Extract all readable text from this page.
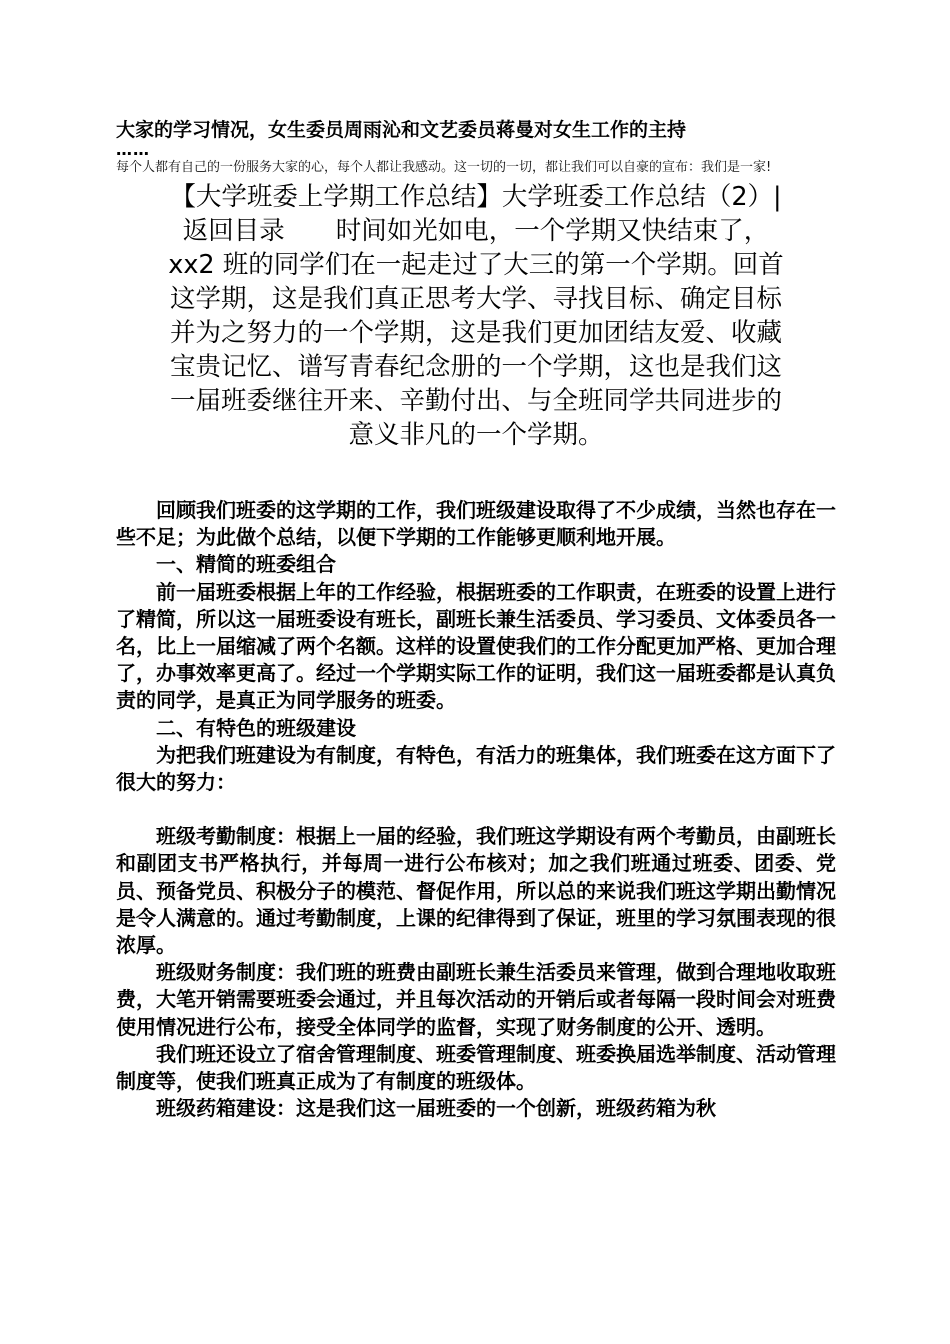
大家的学习情况，女生委员周雨沁和文艺委员蒋曼对女生工作的主持

……

每个人都有自己的一份服务大家的心，每个人都让我感动。这一切的一切，都让我们可以自豪的宣布：我们是一家!

【大学班委上学期工作总结】大学班委工作总结（2）|
返回目录　　时间如光如电，一个学期又快结束了，
xx2 班的同学们在一起走过了大三的第一个学期。回首
这学期，这是我们真正思考大学、寻找目标、确定目标
并为之努力的一个学期，这是我们更加团结友爱、收藏
宝贵记忆、谱写青春纪念册的一个学期，这也是我们这
一届班委继往开来、辛勤付出、与全班同学共同进步的
意义非凡的一个学期。

回顾我们班委的这学期的工作，我们班级建设取得了不少成绩，当然也存在一些不足；为此做个总结，以便下学期的工作能够更顺利地开展。

一、精简的班委组合

前一届班委根据上年的工作经验，根据班委的工作职责，在班委的设置上进行了精简，所以这一届班委设有班长，副班长兼生活委员、学习委员、文体委员各一名，比上一届缩减了两个名额。这样的设置使我们的工作分配更加严格、更加合理了，办事效率更高了。经过一个学期实际工作的证明，我们这一届班委都是认真负责的同学，是真正为同学服务的班委。

二、有特色的班级建设

为把我们班建设为有制度，有特色，有活力的班集体，我们班委在这方面下了很大的努力：

班级考勤制度：根据上一届的经验，我们班这学期设有两个考勤员，由副班长和副团支书严格执行，并每周一进行公布核对；加之我们班通过班委、团委、党员、预备党员、积极分子的模范、督促作用，所以总的来说我们班这学期出勤情况是令人满意的。通过考勤制度，上课的纪律得到了保证，班里的学习氛围表现的很浓厚。

班级财务制度：我们班的班费由副班长兼生活委员来管理，做到合理地收取班费，大笔开销需要班委会通过，并且每次活动的开销后或者每隔一段时间会对班费使用情况进行公布，接受全体同学的监督，实现了财务制度的公开、透明。

我们班还设立了宿舍管理制度、班委管理制度、班委换届选举制度、活动管理制度等，使我们班真正成为了有制度的班级体。

班级药箱建设：这是我们这一届班委的一个创新，班级药箱为秋
